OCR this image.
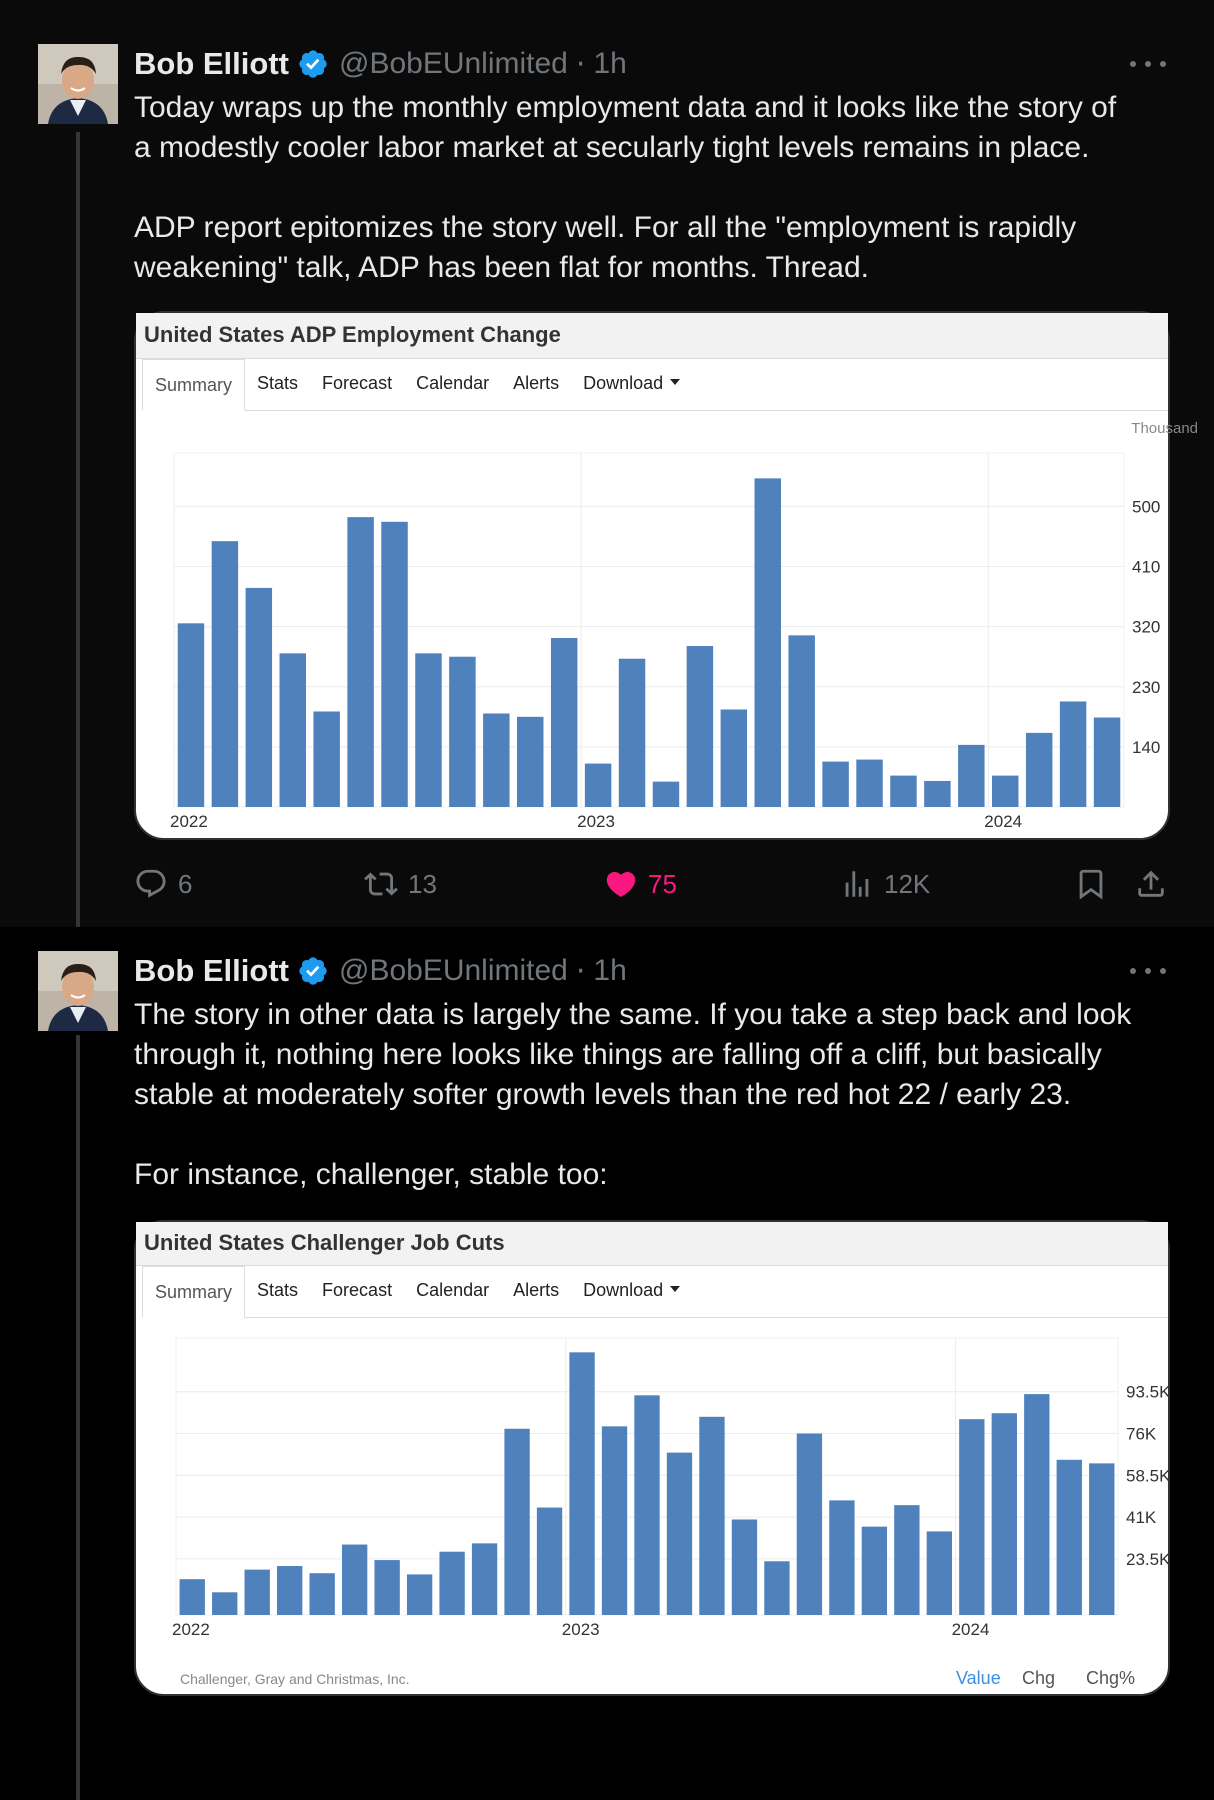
Bob Elliott @BobEUnlimited · 1h

Today wraps up the monthly employment data and it looks like the story of

a modestly cooler labor market at secularly tight levels remains in place.

ADP report epitomizes the story well. For all the "employment is rapidly

weakening" talk, ADP has been flat for months. Thread.

140
230
320
410
500
2022	2023	2024
Thousand
United States ADP Employment Change
Summary	Stats	Forecast	Calendar	Alerts	Download
6	13	75	12K
Bob Elliott @BobEUnlimited · 1h

The story in other data is largely the same. If you take a step back and look

through it, nothing here looks like things are falling off a cliff, but basically

stable at moderately softer growth levels than the red hot 22 / early 23.

For instance, challenger, stable too:

23.5K
41K
58.5K
76K
93.5K
2022	2023	2024
Challenger, Gray and Christmas, Inc.	Value Chg Chg%
United States Challenger Job Cuts
Summary	Stats	Forecast	Calendar	Alerts	Download
